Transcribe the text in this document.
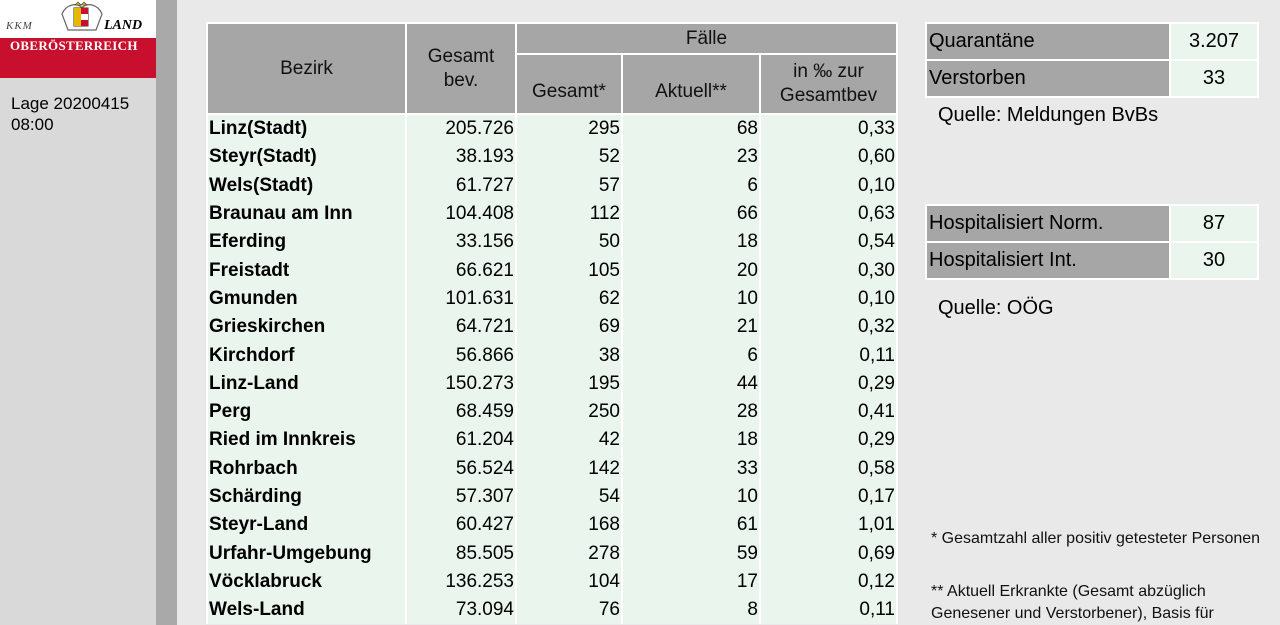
KKM	LAND
OBERÖSTERREICH
Lage 20200415 08:00
Bezirk	Gesamt bev.	Fälle		
		Gesamt*	Aktuell**	in ‰ zur Gesamtbev
Linz(Stadt)	205.726	295	68	0,33
Steyr(Stadt)	38.193	52	23	0,60
Wels(Stadt)	61.727	57	6	0,10
Braunau am Inn	104.408	112	66	0,63
Eferding	33.156	50	18	0,54
Freistadt	66.621	105	20	0,30
Gmunden	101.631	62	10	0,10
Grieskirchen	64.721	69	21	0,32
Kirchdorf	56.866	38	6	0,11
Linz-Land	150.273	195	44	0,29
Perg	68.459	250	28	0,41
Ried im Innkreis	61.204	42	18	0,29
Rohrbach	56.524	142	33	0,58
Schärding	57.307	54	10	0,17
Steyr-Land	60.427	168	61	1,01
Urfahr-Umgebung	85.505	278	59	0,69
Vöcklabruck	136.253	104	17	0,12
Wels-Land	73.094	76	8	0,11
Quarantäne	3.207
Verstorben	33
Quelle: Meldungen BvBs
Hospitalisiert Norm.	87
Hospitalisiert Int.	30
Quelle: OÖG
* Gesamtzahl aller positiv getesteter Personen
** Aktuell Erkrankte (Gesamt abzüglich Genesener und Verstorbener), Basis für
